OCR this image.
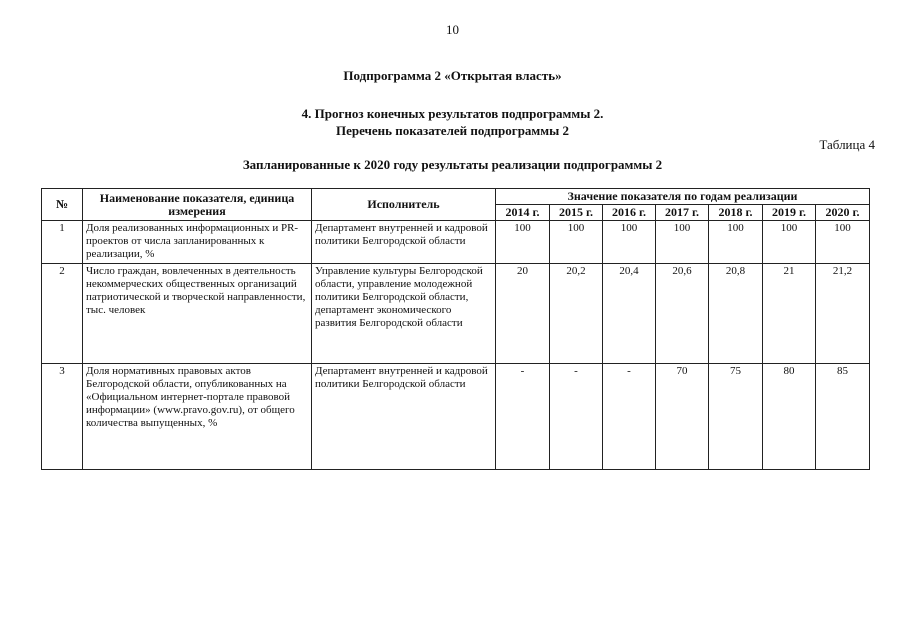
10
Подпрограмма 2 «Открытая власть»
4. Прогноз конечных результатов подпрограммы 2.
Перечень показателей подпрограммы 2
Таблица 4
Запланированные к 2020 году результаты реализации подпрограммы 2
№	Наименование показателя, единица измерения	Исполнитель	Значение показателя по годам реализации						
			2014 г.	2015 г.	2016 г.	2017 г.	2018 г.	2019 г.	2020 г.
1	Доля реализованных информационных и PR-проектов от числа запланированных к реализации, %	Департамент внутренней и кадровой политики Белгородской области	100	100	100	100	100	100	100
2	Число граждан, вовлеченных в деятельность некоммерческих общественных организаций патриотической и творческой направленности, тыс. человек	Управление культуры Белгородской области, управление молодежной политики Белгородской области, департамент экономического развития Белгородской области	20	20,2	20,4	20,6	20,8	21	21,2
3	Доля нормативных правовых актов Белгородской области, опубликованных на «Официальном интернет-портале правовой информации» (www.pravo.gov.ru), от общего количества выпущенных, %	Департамент внутренней и кадровой политики Белгородской области	-	-	-	70	75	80	85
